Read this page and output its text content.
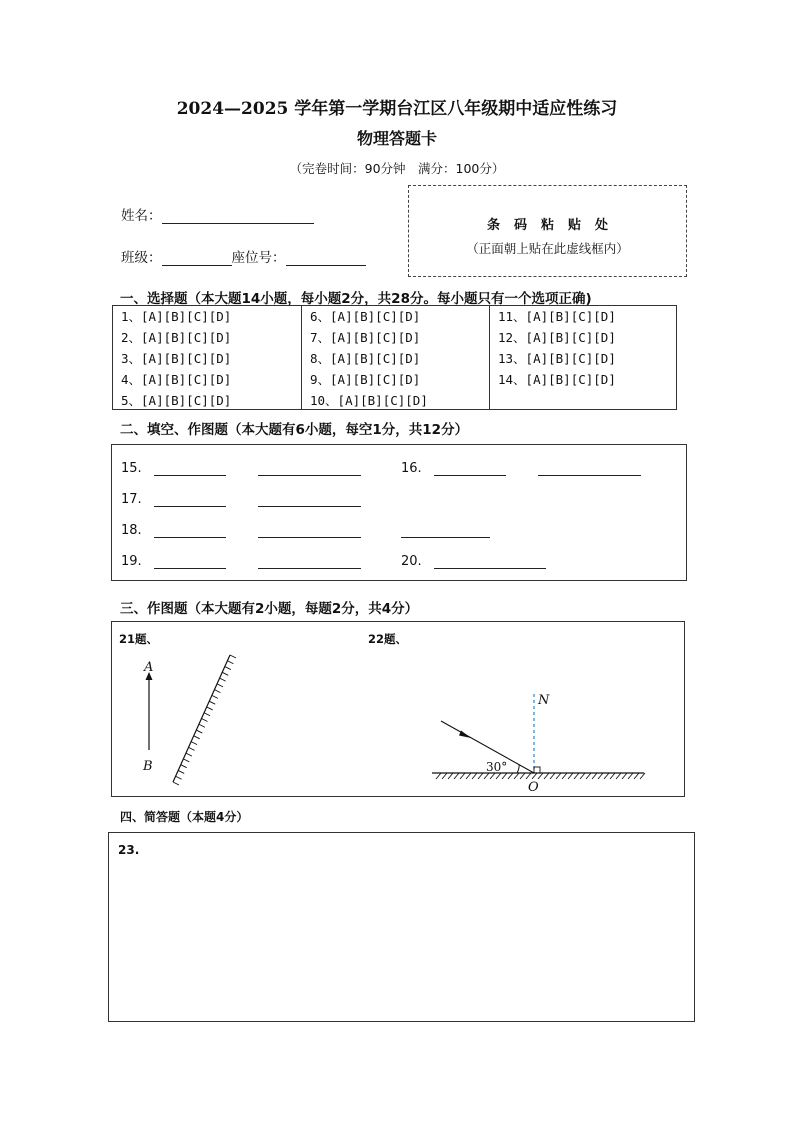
2024—2025 学年第一学期台江区八年级期中适应性练习
物理答题卡
（完卷时间：90分钟　满分：100分）
姓名：
班级：	座位号：
条码粘贴处
（正面朝上贴在此虚线框内）
一、选择题（本大题14小题，每小题2分，共28分。每小题只有一个选项正确)
1、[A][B][C][D]
2、[A][B][C][D]
3、[A][B][C][D]
4、[A][B][C][D]
5、[A][B][C][D]
6、[A][B][C][D]
7、[A][B][C][D]
8、[A][B][C][D]
9、[A][B][C][D]
10、[A][B][C][D]
11、[A][B][C][D]
12、[A][B][C][D]
13、[A][B][C][D]
14、[A][B][C][D]
二、填空、作图题（本大题有6小题，每空1分，共12分）
15.	16.
17.
18.
19.	20.
三、作图题（本大题有2小题，每题2分，共4分）
21题、	22题、
A
B
N
30°
O
四、简答题（本题4分）
23.
